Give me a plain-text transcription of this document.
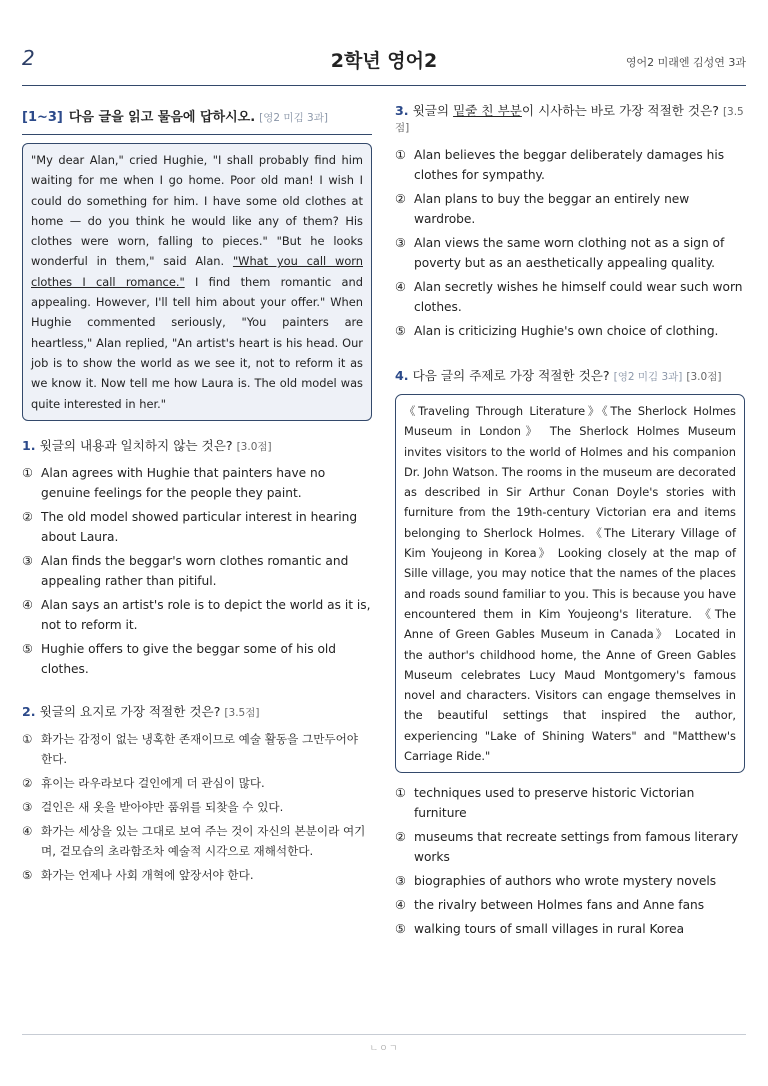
2	2학년 영어2	영어2 미래엔 김성연 3과
[1~3] 다음 글을 읽고 물음에 답하시오. [영2 미김 3과]
"My dear Alan," cried Hughie, "I shall probably find him waiting for me when I go home. Poor old man! I wish I could do something for him. I have some old clothes at home — do you think he would like any of them? His clothes were worn, falling to pieces." "But he looks wonderful in them," said Alan. "What you call worn clothes I call romance." I find them romantic and appealing. However, I'll tell him about your offer." When Hughie commented seriously, "You painters are heartless," Alan replied, "An artist's heart is his head. Our job is to show the world as we see it, not to reform it as we know it. Now tell me how Laura is. The old model was quite interested in her."
1. 윗글의 내용과 일치하지 않는 것은? [3.0점]
① Alan agrees with Hughie that painters have no genuine feelings for the people they paint.
② The old model showed particular interest in hearing about Laura.
③ Alan finds the beggar's worn clothes romantic and appealing rather than pitiful.
④ Alan says an artist's role is to depict the world as it is, not to reform it.
⑤ Hughie offers to give the beggar some of his old clothes.
2. 윗글의 요지로 가장 적절한 것은? [3.5점]
① 화가는 감정이 없는 냉혹한 존재이므로 예술 활동을 그만두어야 한다.
② 휴이는 라우라보다 걸인에게 더 관심이 많다.
③ 걸인은 새 옷을 받아야만 품위를 되찾을 수 있다.
④ 화가는 세상을 있는 그대로 보여 주는 것이 자신의 본분이라 여기며, 겉모습의 초라함조차 예술적 시각으로 재해석한다.
⑤ 화가는 언제나 사회 개혁에 앞장서야 한다.
3. 윗글의 밑줄 친 부분이 시사하는 바로 가장 적절한 것은? [3.5점]
① Alan believes the beggar deliberately damages his clothes for sympathy.
② Alan plans to buy the beggar an entirely new wardrobe.
③ Alan views the same worn clothing not as a sign of poverty but as an aesthetically appealing quality.
④ Alan secretly wishes he himself could wear such worn clothes.
⑤ Alan is criticizing Hughie's own choice of clothing.
4. 다음 글의 주제로 가장 적절한 것은? [영2 미김 3과] [3.0점]
《Traveling Through Literature》《The Sherlock Holmes Museum in London》 The Sherlock Holmes Museum invites visitors to the world of Holmes and his companion Dr. John Watson. The rooms in the museum are decorated as described in Sir Arthur Conan Doyle's stories with furniture from the 19th-century Victorian era and items belonging to Sherlock Holmes. 《The Literary Village of Kim Youjeong in Korea》 Looking closely at the map of Sille village, you may notice that the names of the places and roads sound familiar to you. This is because you have encountered them in Kim Youjeong's literature. 《The Anne of Green Gables Museum in Canada》 Located in the author's childhood home, the Anne of Green Gables Museum celebrates Lucy Maud Montgomery's famous novel and characters. Visitors can engage themselves in the beautiful settings that inspired the author, experiencing "Lake of Shining Waters" and "Matthew's Carriage Ride."
① techniques used to preserve historic Victorian furniture
② museums that recreate settings from famous literary works
③ biographies of authors who wrote mystery novels
④ the rivalry between Holmes fans and Anne fans
⑤ walking tours of small villages in rural Korea
ㄴㅇㄱ
